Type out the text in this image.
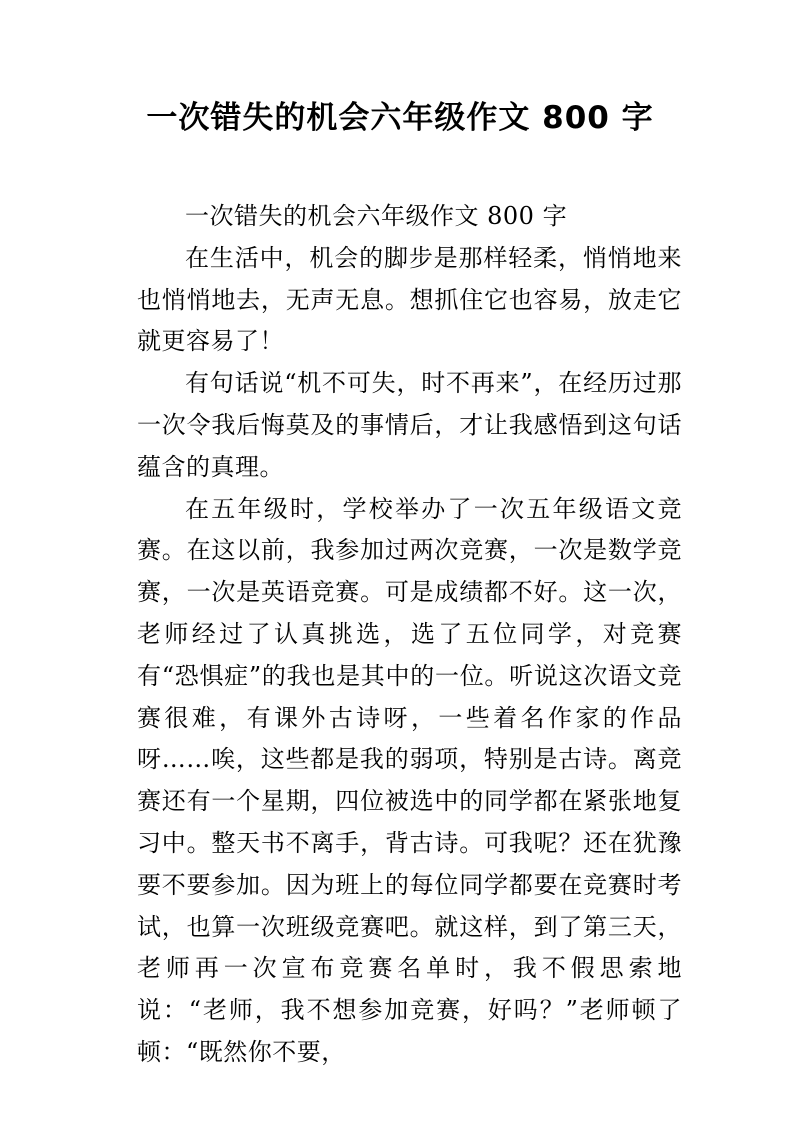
一次错失的机会六年级作文 800 字

一次错失的机会六年级作文 800 字

在生活中，机会的脚步是那样轻柔，悄悄地来也悄悄地去，无声无息。想抓住它也容易，放走它就更容易了！

有句话说“机不可失，时不再来”，在经历过那一次令我后悔莫及的事情后，才让我感悟到这句话蕴含的真理。

在五年级时，学校举办了一次五年级语文竞赛。在这以前，我参加过两次竞赛，一次是数学竞赛，一次是英语竞赛。可是成绩都不好。这一次，老师经过了认真挑选，选了五位同学，对竞赛有“恐惧症”的我也是其中的一位。听说这次语文竞赛很难，有课外古诗呀，一些着名作家的作品呀……唉，这些都是我的弱项，特别是古诗。离竞赛还有一个星期，四位被选中的同学都在紧张地复习中。整天书不离手，背古诗。可我呢？还在犹豫要不要参加。因为班上的每位同学都要在竞赛时考试，也算一次班级竞赛吧。就这样，到了第三天，老师再一次宣布竞赛名单时，我不假思索地说：“老师，我不想参加竞赛，好吗？”老师顿了顿：“既然你不要，
